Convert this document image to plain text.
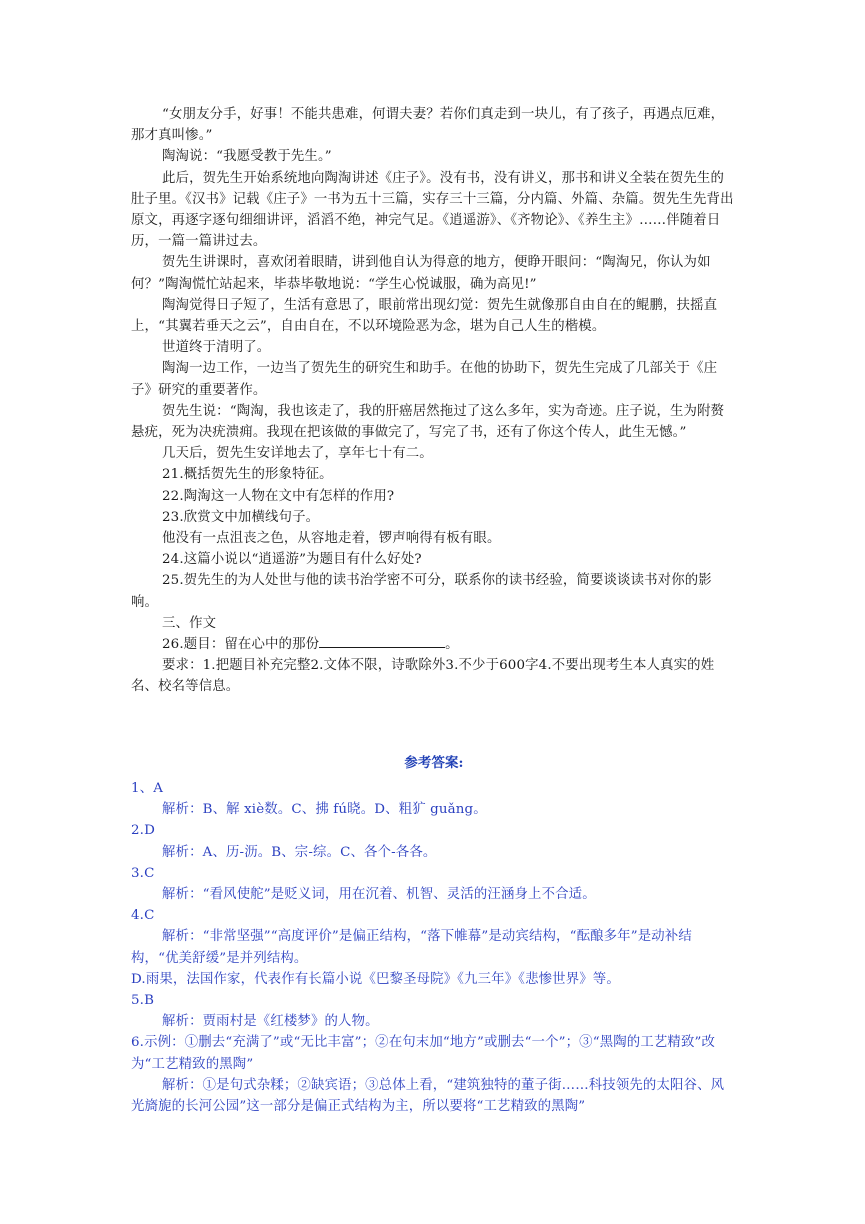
“女朋友分手，好事！不能共患难，何谓夫妻？若你们真走到一块儿，有了孩子，再遇点厄难，那才真叫惨。”

陶淘说：“我愿受教于先生。”

此后，贺先生开始系统地向陶淘讲述《庄子》。没有书，没有讲义，那书和讲义全装在贺先生的肚子里。《汉书》记载《庄子》一书为五十三篇，实存三十三篇，分内篇、外篇、杂篇。贺先生先背出原文，再逐字逐句细细讲评，滔滔不绝，神完气足。《逍遥游》、《齐物论》、《养生主》……伴随着日历，一篇一篇讲过去。

贺先生讲课时，喜欢闭着眼睛，讲到他自认为得意的地方，便睁开眼问：“陶淘兄，你认为如何？”陶淘慌忙站起来，毕恭毕敬地说：“学生心悦诚服，确为高见!”

陶淘觉得日子短了，生活有意思了，眼前常出现幻觉：贺先生就像那自由自在的鲲鹏，扶摇直上，“其翼若垂天之云”，自由自在，不以环境险恶为念，堪为自己人生的楷模。

世道终于清明了。

陶淘一边工作，一边当了贺先生的研究生和助手。在他的协助下，贺先生完成了几部关于《庄子》研究的重要著作。

贺先生说：“陶淘，我也该走了，我的肝癌居然拖过了这么多年，实为奇迹。庄子说，生为附赘悬疣，死为决疣溃痈。我现在把该做的事做完了，写完了书，还有了你这个传人，此生无憾。”

几天后，贺先生安详地去了，享年七十有二。

21.概括贺先生的形象特征。

22.陶淘这一人物在文中有怎样的作用?

23.欣赏文中加横线句子。

他没有一点沮丧之色，从容地走着，锣声响得有板有眼。

24.这篇小说以“逍遥游”为题目有什么好处?

25.贺先生的为人处世与他的读书治学密不可分，联系你的读书经验，简要谈谈读书对你的影响。

三、作文

26.题目：留在心中的那份	。

要求：1.把题目补充完整2.文体不限，诗歌除外3.不少于600字4.不要出现考生本人真实的姓名、校名等信息。

参考答案:

1、A

解析：B、解 xiè数。C、拂 fú晓。D、粗犷 guǎng。

2.D

解析：A、历-沥。B、宗-综。C、各个-各各。

3.C

解析：“看风使舵”是贬义词，用在沉着、机智、灵活的汪涵身上不合适。

4.C

解析：“非常坚强”“高度评价”是偏正结构，“落下帷幕”是动宾结构，“酝酿多年”是动补结构，“优美舒缓”是并列结构。

D.雨果，法国作家，代表作有长篇小说《巴黎圣母院》《九三年》《悲惨世界》等。

5.B

解析：贾雨村是《红楼梦》的人物。

6.示例：①删去“充满了”或“无比丰富”；②在句末加“地方”或删去“一个”；③“黑陶的工艺精致”改为“工艺精致的黑陶”

解析：①是句式杂糅；②缺宾语；③总体上看，“建筑独特的董子街……科技领先的太阳谷、风光旖旎的长河公园”这一部分是偏正式结构为主，所以要将“工艺精致的黑陶”
